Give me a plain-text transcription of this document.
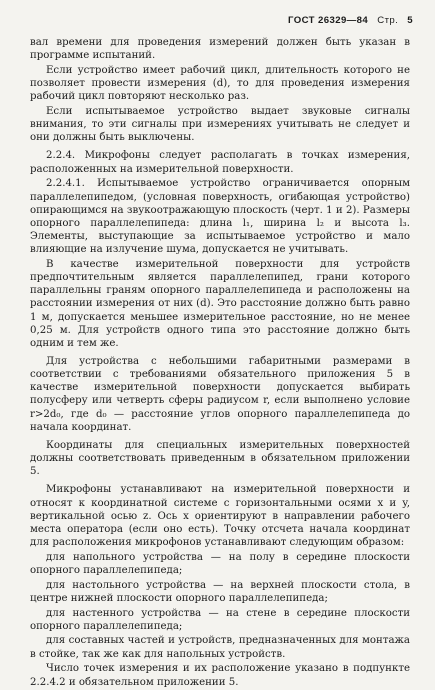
ГОСТ 26329—84 Стр. 5

вал времени для проведения измерений должен быть указан в программе испытаний.

Если устройство имеет рабочий цикл, длительность которого не позволяет провести измерения (d), то для проведения измерения рабочий цикл повторяют несколько раз.

Если испытываемое устройство выдает звуковые сигналы внимания, то эти сигналы при измерениях учитывать не следует и они должны быть выключены.

2.2.4. Микрофоны следует располагать в точках измерения, расположенных на измерительной поверхности.

2.2.4.1. Испытываемое устройство ограничивается опорным параллелепипедом, (условная поверхность, огибающая устройство) опирающимся на звукоотражающую плоскость (черт. 1 и 2). Размеры опорного параллелепипеда: длина l₁, ширина l₂ и высота l₃. Элементы, выступающие за испытываемое устройство и мало влияющие на излучение шума, допускается не учитывать.

В качестве измерительной поверхности для устройств предпочтительным является параллелепипед, грани которого параллельны граням опорного параллелепипеда и расположены на расстоянии измерения от них (d). Это расстояние должно быть равно 1 м, допускается меньшее измерительное расстояние, но не менее 0,25 м. Для устройств одного типа это расстояние должно быть одним и тем же.

Для устройства с небольшими габаритными размерами в соответствии с требованиями обязательного приложения 5 в качестве измерительной поверхности допускается выбирать полусферу или четверть сферы радиусом r, если выполнено условие r>2d₀, где d₀ — расстояние углов опорного параллелепипеда до начала координат.

Координаты для специальных измерительных поверхностей должны соответствовать приведенным в обязательном приложении 5.

Микрофоны устанавливают на измерительной поверхности и относят к координатной системе с горизонтальными осями x и y, вертикальной осью z. Ось x ориентируют в направлении рабочего места оператора (если оно есть). Точку отсчета начала координат для расположения микрофонов устанавливают следующим образом:

для напольного устройства — на полу в середине плоскости опорного параллелепипеда;

для настольного устройства — на верхней плоскости стола, в центре нижней плоскости опорного параллелепипеда;

для настенного устройства — на стене в середине плоскости опорного параллелепипеда;

для составных частей и устройств, предназначенных для монтажа в стойке, так же как для напольных устройств.

Число точек измерения и их расположение указано в подпункте 2.2.4.2 и обязательном приложении 5.
